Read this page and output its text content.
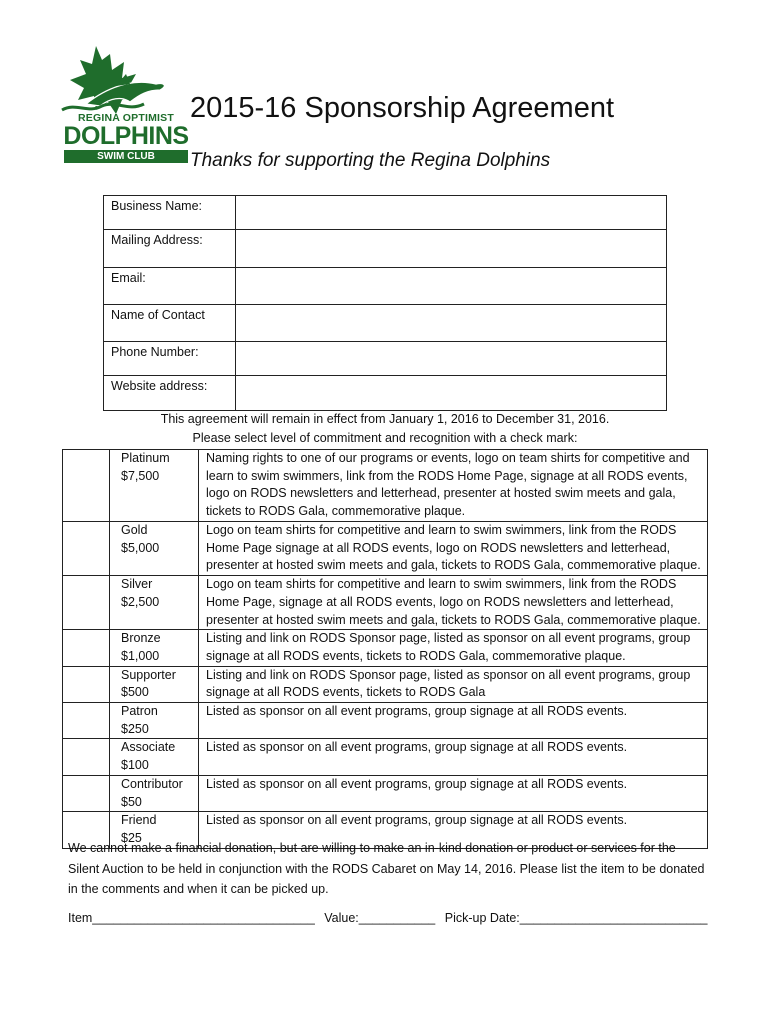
REGINA OPTIMIST
DOLPHINS
SWIM CLUB
2015-16 Sponsorship Agreement
Thanks for supporting the Regina Dolphins
Business Name:	
Mailing Address:	
Email:	
Name of Contact	
Phone Number:	
Website address:	
This agreement will remain in effect from January 1, 2016 to December 31, 2016.
Please select level of commitment and recognition with a check mark:

	Platinum
$7,500	Naming rights to one of our programs or events, logo on team shirts for competitive and learn to swim swimmers, link from the RODS Home Page, signage at all RODS events, logo on RODS newsletters and letterhead, presenter at hosted swim meets and gala, tickets to RODS Gala, commemorative plaque.

	Gold
$5,000	Logo on team shirts for competitive and learn to swim swimmers, link from the RODS Home Page signage at all RODS events, logo on RODS newsletters and letterhead, presenter at hosted swim meets and gala, tickets to RODS Gala, commemorative plaque.

	Silver
$2,500	Logo on team shirts for competitive and learn to swim swimmers, link from the RODS Home Page, signage at all RODS events, logo on RODS newsletters and letterhead, presenter at hosted swim meets and gala, tickets to RODS Gala, commemorative plaque.

	Bronze
$1,000	Listing and link on RODS Sponsor page, listed as sponsor on all event programs, group signage at all RODS events, tickets to RODS Gala, commemorative plaque.

	Supporter
$500	Listing and link on RODS Sponsor page, listed as sponsor on all event programs, group signage at all RODS events, tickets to RODS Gala

	Patron
$250	Listed as sponsor on all event programs, group signage at all RODS events.

	Associate
$100	Listed as sponsor on all event programs, group signage at all RODS events.

	Contributor
$50	Listed as sponsor on all event programs, group signage at all RODS events.

	Friend
$25	Listed as sponsor on all event programs, group signage at all RODS events.
We cannot make a financial donation, but are willing to make an in-kind donation or product or services for the Silent Auction to be held in conjunction with the RODS Cabaret on May 14, 2016. Please list the item to be donated in the comments and when it can be picked up.
Item________________________________ Value:___________ Pick-up Date:___________________________
